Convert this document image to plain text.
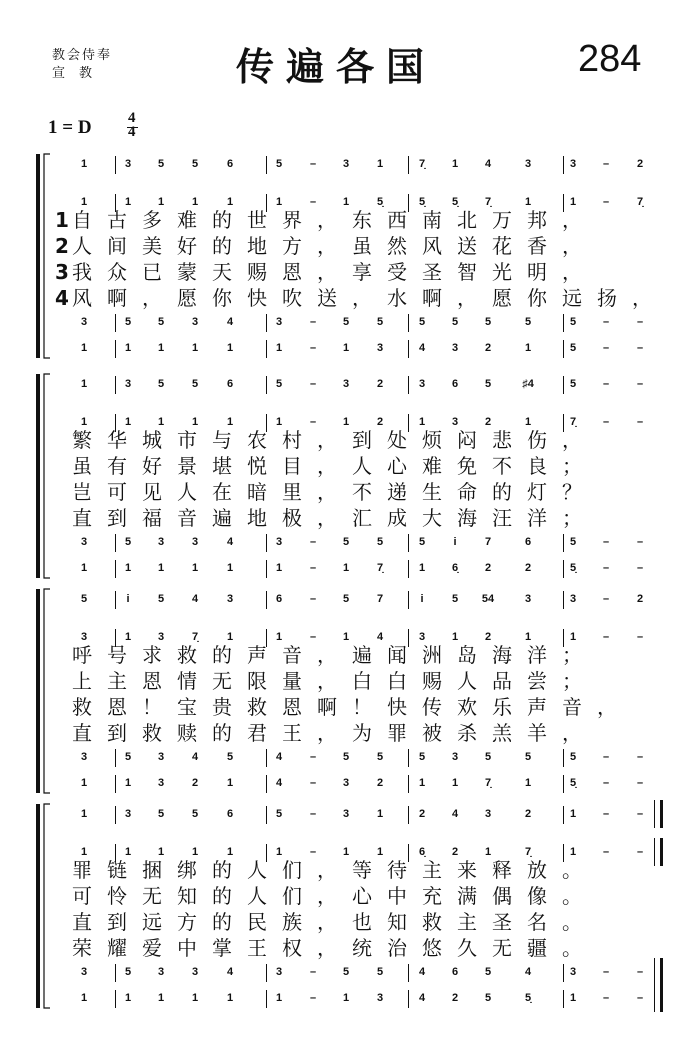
教会侍奉
宣教	传遍各国	284
1 = D 4
4
1	3	5	5	6	5	–	3	1	7̣	1	4	3	3	–	2
1	1	1	1	1	1	–	1	5̣	5̣	5̣	7̣	1	1	–	7̣
3	5	5	3	4	3	–	5	5	5	5	5	5	5	–	–
1	1	1	1	1	1	–	1	3	4	3	2	1	5	–	–
1 自古多难的世界，东西南北万邦，
2 人间美好的地方，虽然风送花香，
3 我众已蒙天赐恩，享受圣智光明，
4 风啊，愿你快吹送，水啊，愿你远扬，
1	3	5	5	6	5	–	3	2	3	6	5	♯4	5	–	–
1	1	1	1	1	1	–	1	2	1	3	2	1	7̣	–	–
3	5	3	3	4	3	–	5	5	5	i	7	6	5	–	–
1	1	1	1	1	1	–	1	7̣	1	6̣	2	2	5̣	–	–
繁华城市与农村，到处烦闷悲伤，
虽有好景堪悦目，人心难免不良；
岂可见人在暗里，不递生命的灯？
直到福音遍地极，汇成大海汪洋；
5	i	5	4	3	6	–	5	7	i	5	54	3	3	–	2
3	1	3	7̣	1	1	–	1	4	3	1	2	1	1	–	–
3	5	3	4	5	4	–	5	5	5	3	5	5	5	–	–
1	1	3	2	1	4	–	3	2	1	1	7̣	1	5̣	–	–
呼号求救的声音，遍闻洲岛海洋；
上主恩情无限量，白白赐人品尝；
救恩！宝贵救恩啊！快传欢乐声音，
直到救赎的君王，为罪被杀羔羊，
1	3	5	5	6	5	–	3	1	2	4	3	2	1	–	–
1	1	1	1	1	1	–	1	1	6̣	2	1	7̣	1	–	–
3	5	3	3	4	3	–	5	5	4	6	5	4	3	–	–
1	1	1	1	1	1	–	1	3	4	2	5	5̣	1	–	–
罪链捆绑的人们，等待主来释放。
可怜无知的人们，心中充满偶像。
直到远方的民族，也知救主圣名。
荣耀爱中掌王权，统治悠久无疆。
